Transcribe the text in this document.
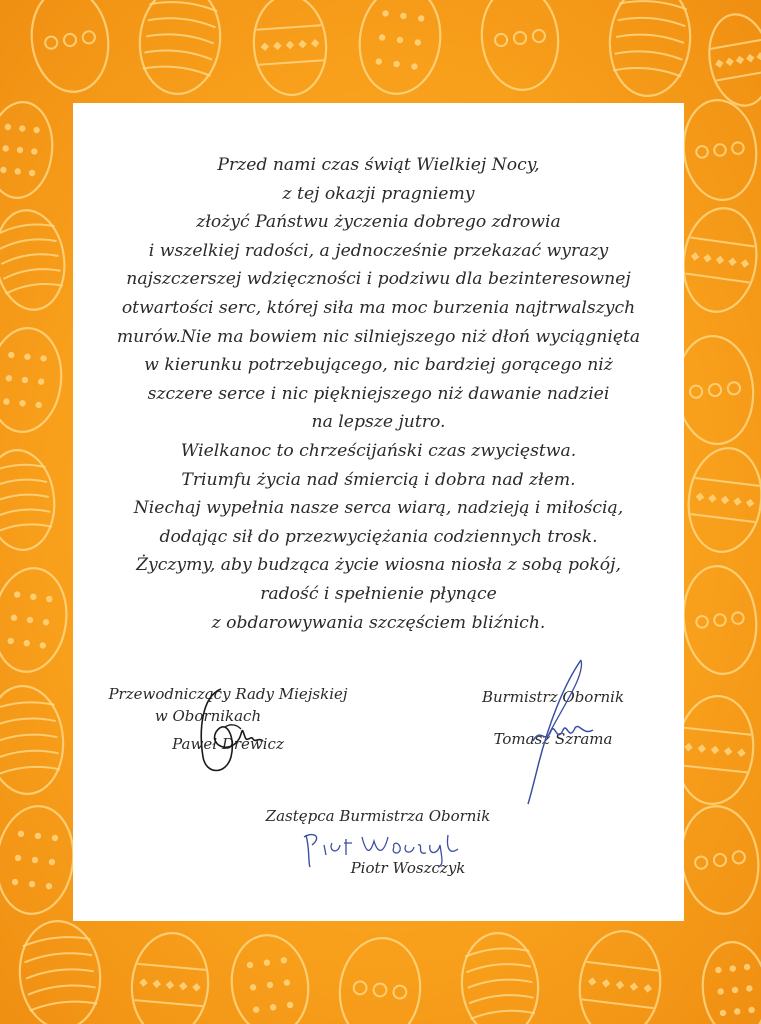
Przed nami czas świąt Wielkiej Nocy,
z tej okazji pragniemy
złożyć Państwu życzenia dobrego zdrowia
i wszelkiej radości, a jednocześnie przekazać wyrazy
najszczerszej wdzięczności i podziwu dla bezinteresownej
otwartości serc, której siła ma moc burzenia najtrwalszych
murów.Nie ma bowiem nic silniejszego niż dłoń wyciągnięta
w kierunku potrzebującego, nic bardziej gorącego niż
szczere serce i nic piękniejszego niż dawanie nadziei
na lepsze jutro.
Wielkanoc to chrześcijański czas zwycięstwa.
Triumfu życia nad śmiercią i dobra nad złem.
Niechaj wypełnia nasze serca wiarą, nadzieją i miłością,
dodając sił do przezwyciężania codziennych trosk.
Życzymy, aby budząca życie wiosna niosła z sobą pokój,
radość i spełnienie płynące
z obdarowywania szczęściem bliźnich.
Przewodniczący Rady Miejskiej
w Obornikach
Paweł Drewicz
Burmistrz Obornik
Tomasz Szrama
Zastępca Burmistrza Obornik
Piotr Woszczyk
